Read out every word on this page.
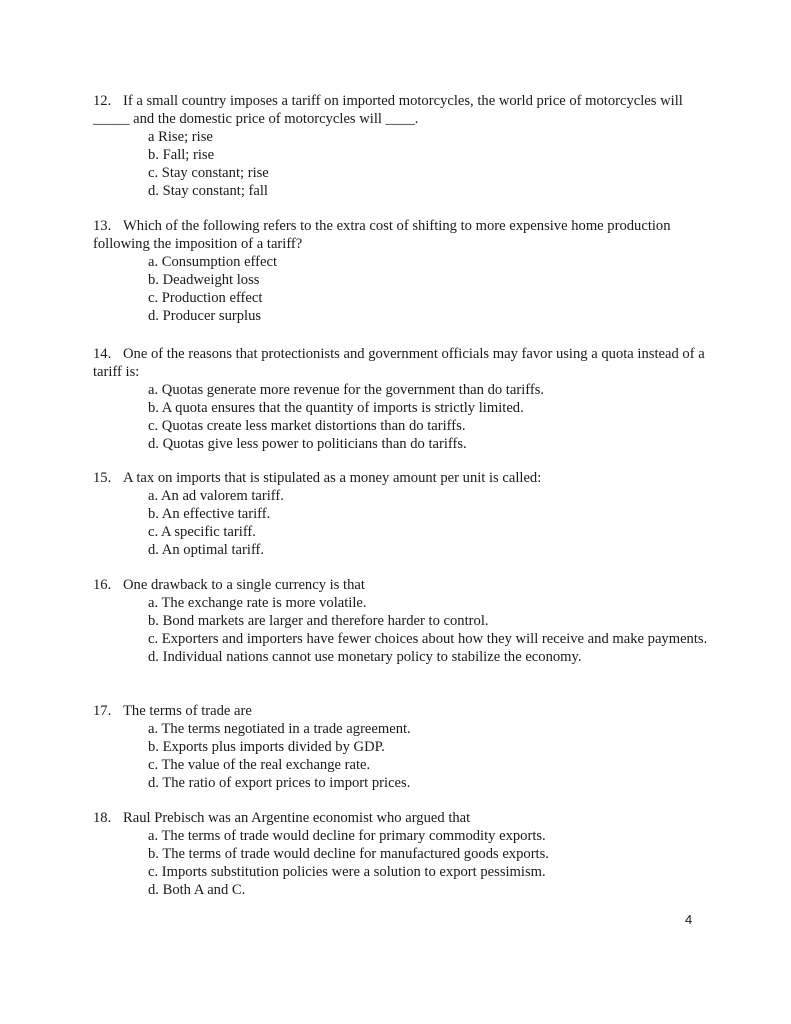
12. If a small country imposes a tariff on imported motorcycles, the world price of motorcycles will _____ and the domestic price of motorcycles will ____.

a Rise; rise

b. Fall; rise

c. Stay constant; rise

d. Stay constant; fall

13. Which of the following refers to the extra cost of shifting to more expensive home production following the imposition of a tariff?

a. Consumption effect

b. Deadweight loss

c. Production effect

d. Producer surplus

14. One of the reasons that protectionists and government officials may favor using a quota instead of a tariff is:

a. Quotas generate more revenue for the government than do tariffs.

b. A quota ensures that the quantity of imports is strictly limited.

c. Quotas create less market distortions than do tariffs.

d. Quotas give less power to politicians than do tariffs.

15. A tax on imports that is stipulated as a money amount per unit is called:

a. An ad valorem tariff.

b. An effective tariff.

c. A specific tariff.

d. An optimal tariff.

16. One drawback to a single currency is that

a. The exchange rate is more volatile.

b. Bond markets are larger and therefore harder to control.

c. Exporters and importers have fewer choices about how they will receive and make payments.

d. Individual nations cannot use monetary policy to stabilize the economy.

17. The terms of trade are

a. The terms negotiated in a trade agreement.

b. Exports plus imports divided by GDP.

c. The value of the real exchange rate.

d. The ratio of export prices to import prices.

18. Raul Prebisch was an Argentine economist who argued that

a. The terms of trade would decline for primary commodity exports.

b. The terms of trade would decline for manufactured goods exports.

c. Imports substitution policies were a solution to export pessimism.

d. Both A and C.

4
